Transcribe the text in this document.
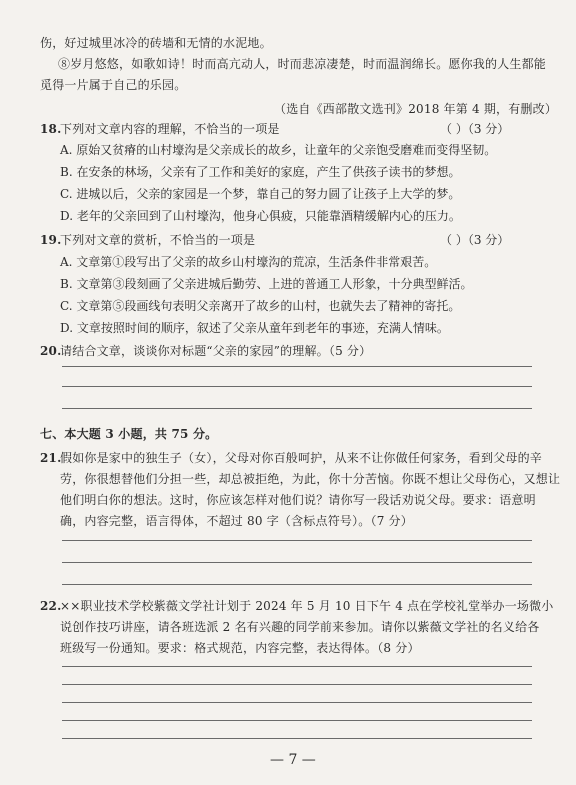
伤，好过城里冰冷的砖墙和无情的水泥地。
⑧岁月悠悠，如歌如诗！时而高亢动人，时而悲凉凄楚，时而温润绵长。愿你我的人生都能
觅得一片属于自己的乐园。
（选自《西部散文选刊》2018 年第 4 期，有删改）
18.
下列对文章内容的理解，不恰当的一项是	（ ）（3 分）
A. 原始又贫瘠的山村壕沟是父亲成长的故乡，让童年的父亲饱受磨难而变得坚韧。
B. 在安条的林场，父亲有了工作和美好的家庭，产生了供孩子读书的梦想。
C. 进城以后，父亲的家园是一个梦，靠自己的努力圆了让孩子上大学的梦。
D. 老年的父亲回到了山村壕沟，他身心俱疲，只能靠酒精缓解内心的压力。
19.
下列对文章的赏析，不恰当的一项是	（ ）（3 分）
A. 文章第①段写出了父亲的故乡山村壕沟的荒凉，生活条件非常艰苦。
B. 文章第③段刻画了父亲进城后勤劳、上进的普通工人形象，十分典型鲜活。
C. 文章第⑤段画线句表明父亲离开了故乡的山村，也就失去了精神的寄托。
D. 文章按照时间的顺序，叙述了父亲从童年到老年的事迹，充满人情味。
20.
请结合文章，谈谈你对标题“父亲的家园”的理解。（5 分）
七、本大题 3 小题，共 75 分。
21.
假如你是家中的独生子（女），父母对你百般呵护，从来不让你做任何家务，看到父母的辛
劳，你很想替他们分担一些，却总被拒绝，为此，你十分苦恼。你既不想让父母伤心，又想让
他们明白你的想法。这时，你应该怎样对他们说？请你写一段话劝说父母。要求：语意明
确，内容完整，语言得体，不超过 80 字（含标点符号）。（7 分）
22.
××职业技术学校紫薇文学社计划于 2024 年 5 月 10 日下午 4 点在学校礼堂举办一场微小
说创作技巧讲座，请各班选派 2 名有兴趣的同学前来参加。请你以紫薇文学社的名义给各
班级写一份通知。要求：格式规范，内容完整，表达得体。（8 分）
— 7 —
